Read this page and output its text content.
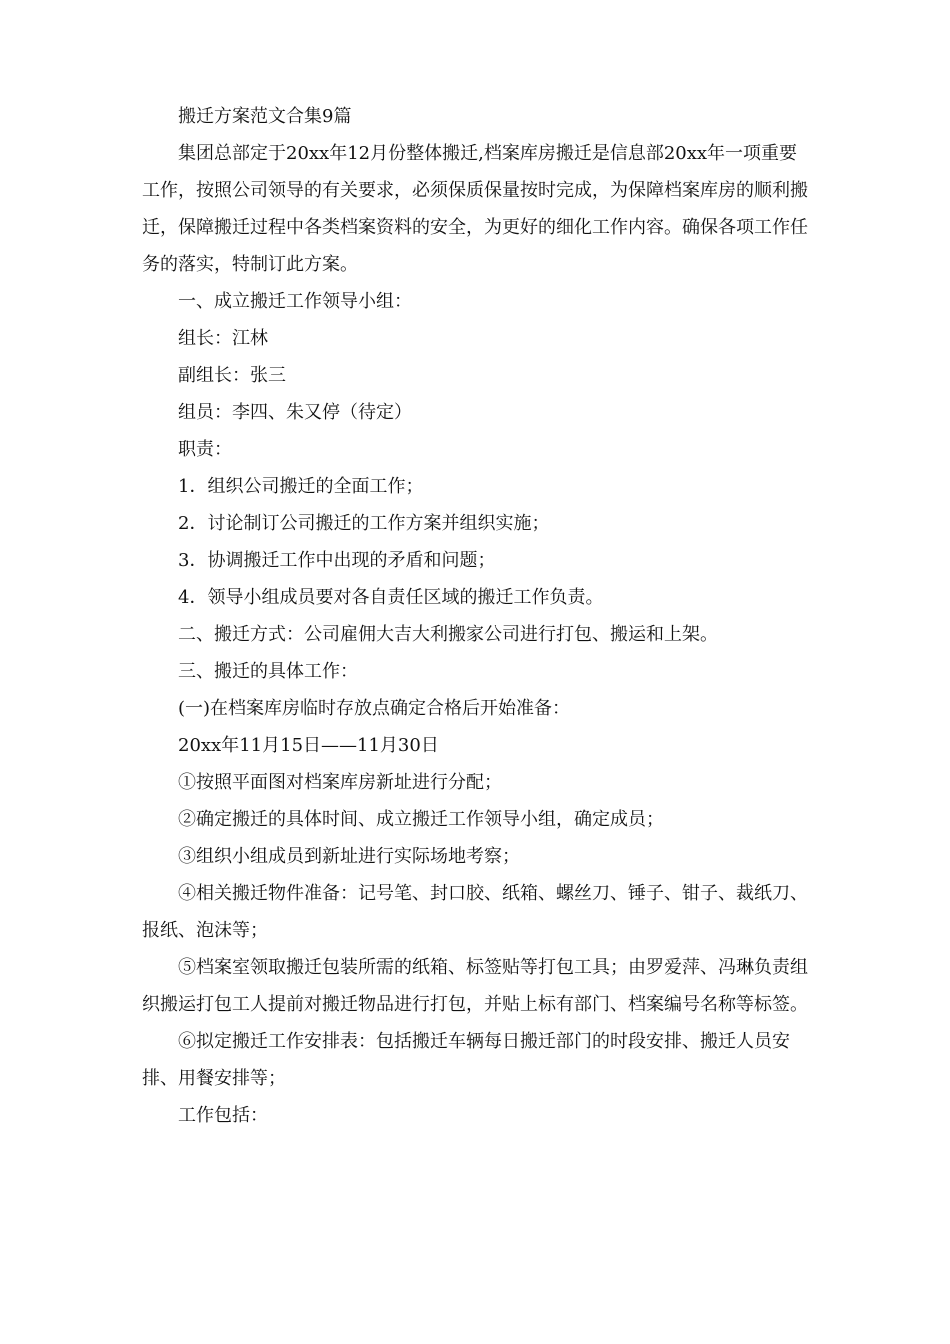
搬迁方案范文合集9篇

集团总部定于20xx年12月份整体搬迁,档案库房搬迁是信息部20xx年一项重要工作，按照公司领导的有关要求，必须保质保量按时完成，为保障档案库房的顺利搬迁，保障搬迁过程中各类档案资料的安全，为更好的细化工作内容。确保各项工作任务的落实，特制订此方案。

一、成立搬迁工作领导小组：

组长：江林

副组长：张三

组员：李四、朱又停（待定）

职责：

1．组织公司搬迁的全面工作；

2．讨论制订公司搬迁的工作方案并组织实施；

3．协调搬迁工作中出现的矛盾和问题；

4．领导小组成员要对各自责任区域的搬迁工作负责。

二、搬迁方式：公司雇佣大吉大利搬家公司进行打包、搬运和上架。

三、搬迁的具体工作：

(一)在档案库房临时存放点确定合格后开始准备：

20xx年11月15日——11月30日

①按照平面图对档案库房新址进行分配；

②确定搬迁的具体时间、成立搬迁工作领导小组，确定成员；

③组织小组成员到新址进行实际场地考察；

④相关搬迁物件准备：记号笔、封口胶、纸箱、螺丝刀、锤子、钳子、裁纸刀、报纸、泡沫等；

⑤档案室领取搬迁包装所需的纸箱、标签贴等打包工具；由罗爱萍、冯琳负责组织搬运打包工人提前对搬迁物品进行打包，并贴上标有部门、档案编号名称等标签。

⑥拟定搬迁工作安排表：包括搬迁车辆每日搬迁部门的时段安排、搬迁人员安排、用餐安排等；

工作包括：
